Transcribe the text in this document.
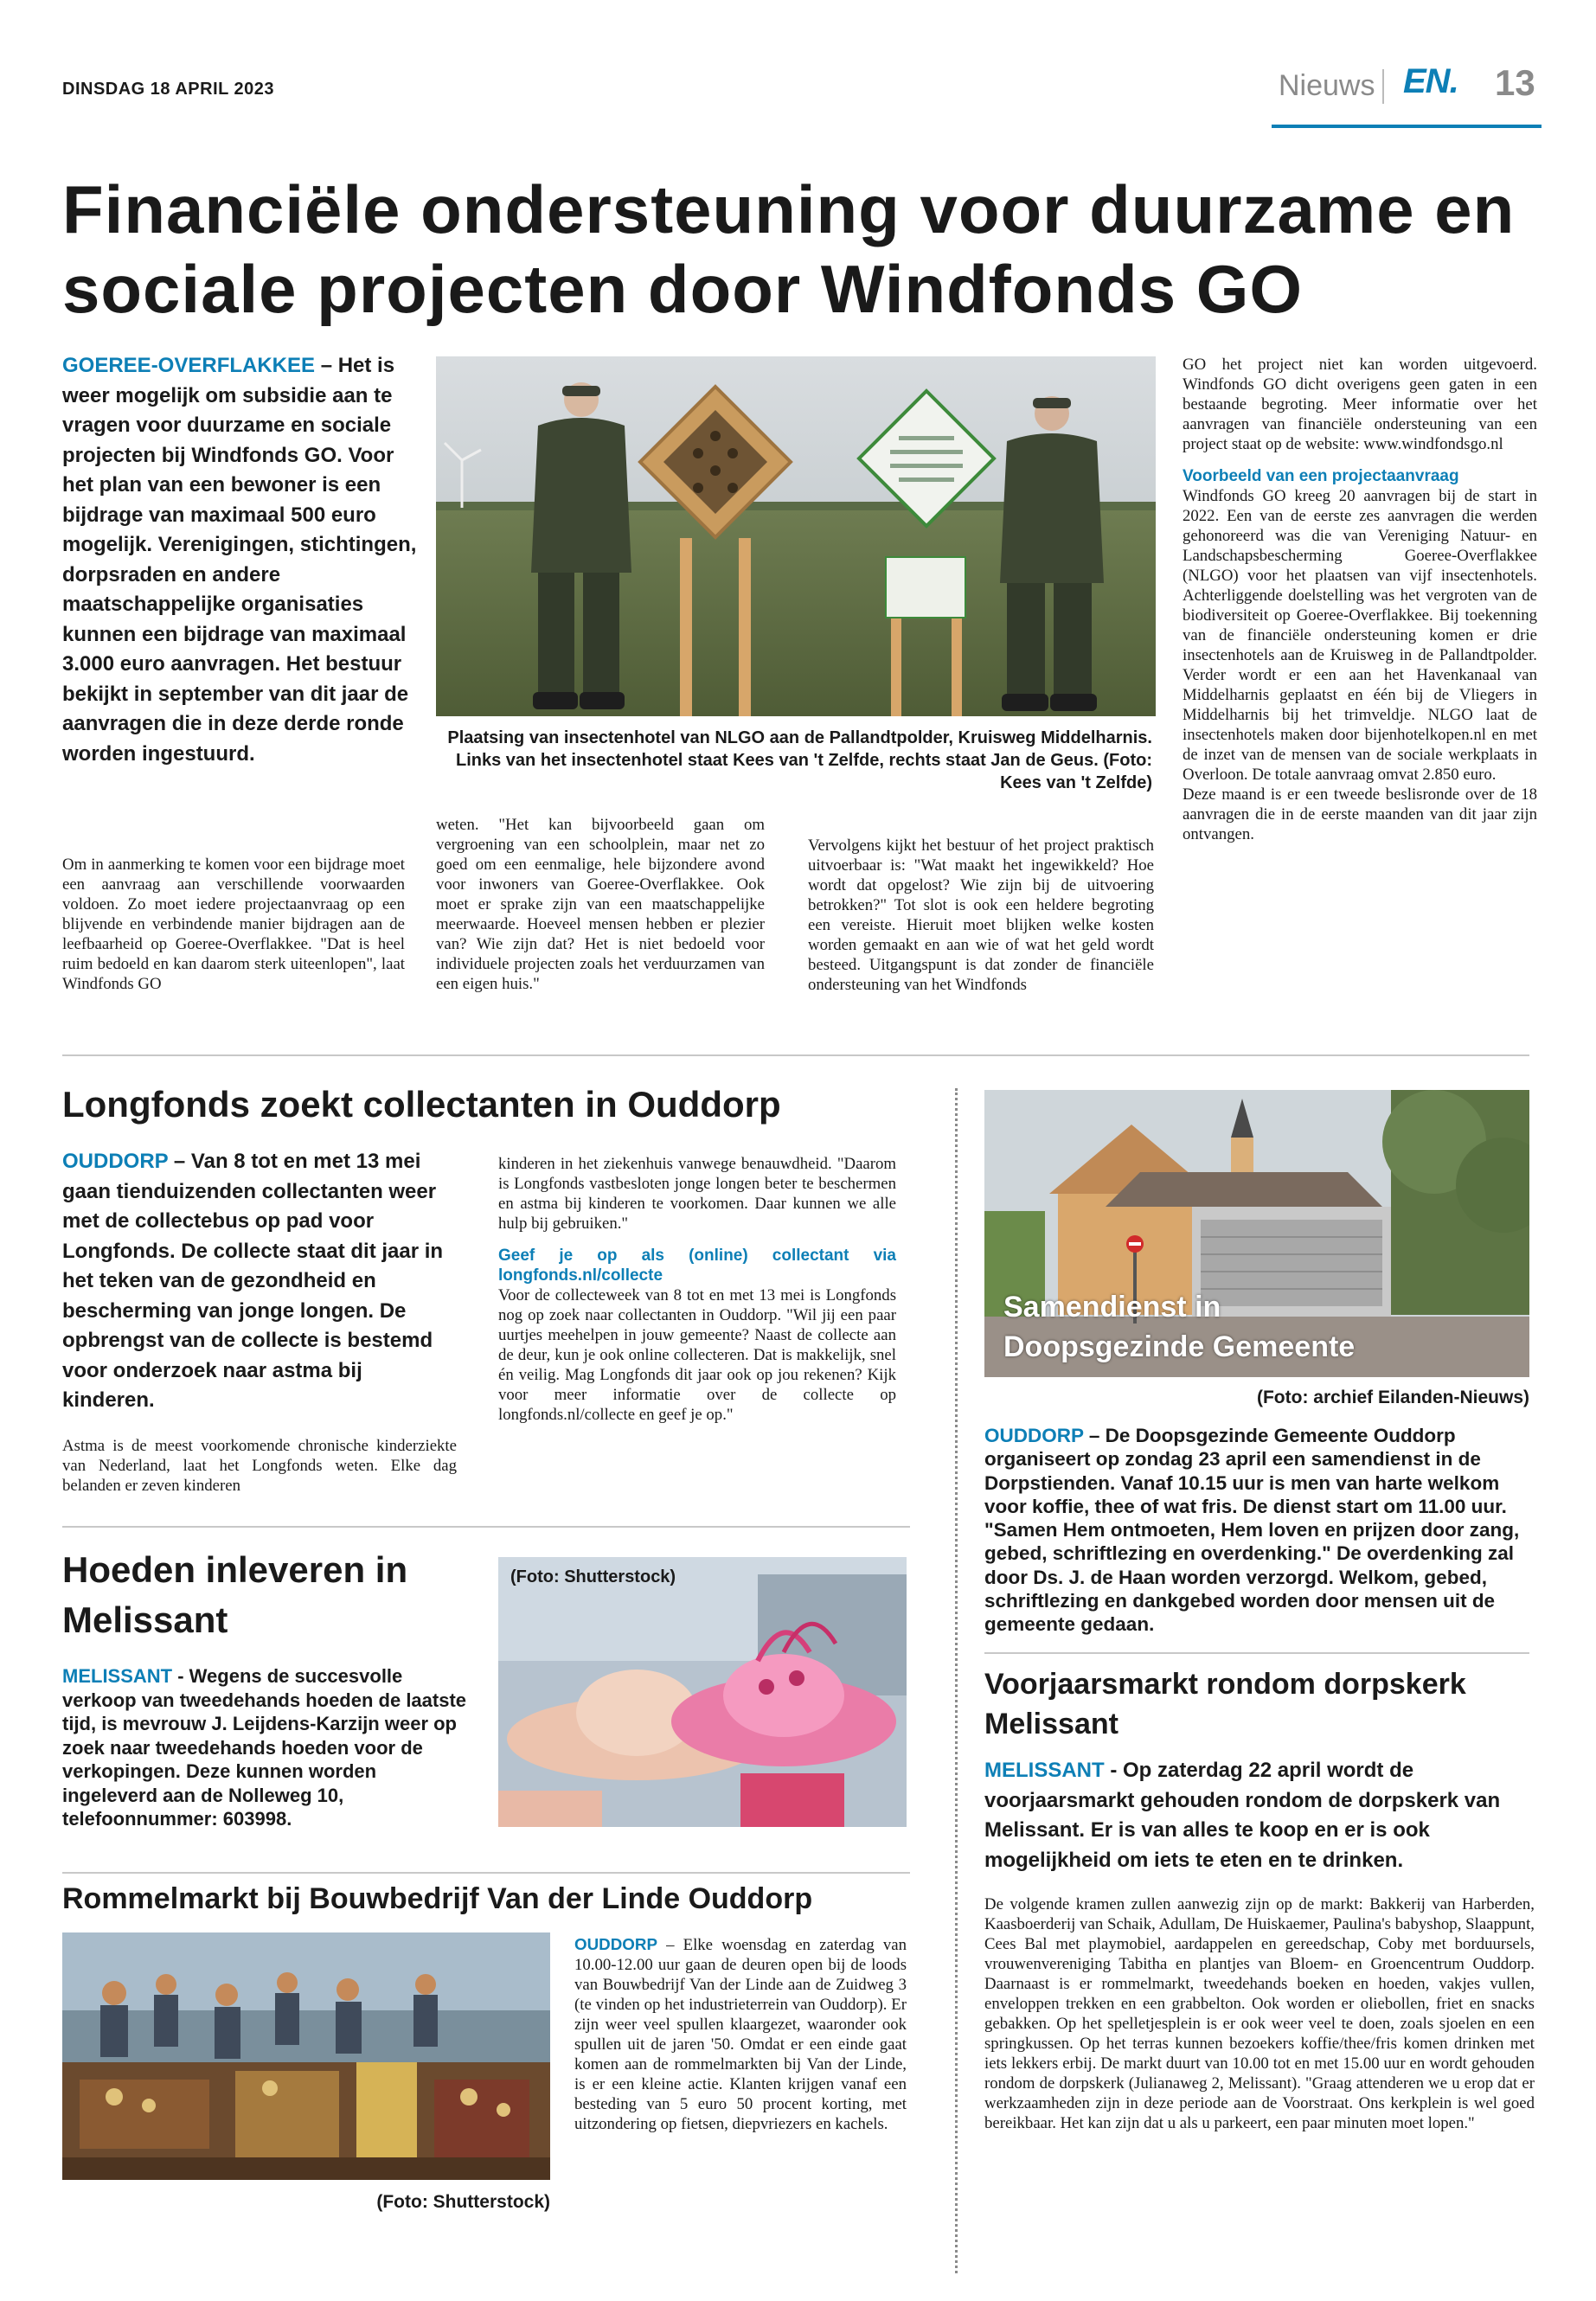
DINSDAG 18 APRIL 2023	Nieuws EN. 13
Financiële ondersteuning voor duurzame en sociale projecten door Windfonds GO
GOEREE-OVERFLAKKEE – Het is weer mogelijk om subsidie aan te vragen voor duurzame en sociale projecten bij Windfonds GO. Voor het plan van een bewoner is een bijdrage van maximaal 500 euro mogelijk. Verenigingen, stichtingen, dorpsraden en andere maatschappelijke organisaties kunnen een bijdrage van maximaal 3.000 euro aanvragen. Het bestuur bekijkt in september van dit jaar de aanvragen die in deze derde ronde worden ingestuurd.
Om in aanmerking te komen voor een bijdrage moet een aanvraag aan verschillende voorwaarden voldoen. Zo moet iedere projectaanvraag op een blijvende en verbindende manier bijdragen aan de leefbaarheid op Goeree-Overflakkee. "Dat is heel ruim bedoeld en kan daarom sterk uiteenlopen", laat Windfonds GO
Plaatsing van insectenhotel van NLGO aan de Pallandtpolder, Kruisweg Middelharnis. Links van het insectenhotel staat Kees van 't Zelfde, rechts staat Jan de Geus. (Foto: Kees van 't Zelfde)
weten. "Het kan bijvoorbeeld gaan om vergroening van een schoolplein, maar net zo goed om een eenmalige, hele bijzondere avond voor inwoners van Goeree-Overflakkee. Ook moet er sprake zijn van een maatschappelijke meerwaarde. Hoeveel mensen hebben er plezier van? Wie zijn dat? Het is niet bedoeld voor individuele projecten zoals het verduurzamen van een eigen huis."
Vervolgens kijkt het bestuur of het project praktisch uitvoerbaar is: "Wat maakt het ingewikkeld? Hoe wordt dat opgelost? Wie zijn bij de uitvoering betrokken?" Tot slot is ook een heldere begroting een vereiste. Hieruit moet blijken welke kosten worden gemaakt en aan wie of wat het geld wordt besteed. Uitgangspunt is dat zonder de financiële ondersteuning van het Windfonds

GO het project niet kan worden uitgevoerd. Windfonds GO dicht overigens geen gaten in een bestaande begroting. Meer informatie over het aanvragen van financiële ondersteuning van een project staat op de website: www.windfondsgo.nl

Voorbeeld van een projectaanvraag

Windfonds GO kreeg 20 aanvragen bij de start in 2022. Een van de eerste zes aanvragen die werden gehonoreerd was die van Vereniging Natuur- en Landschapsbescherming Goeree-Overflakkee (NLGO) voor het plaatsen van vijf insectenhotels. Achterliggende doelstelling was het vergroten van de biodiversiteit op Goeree-Overflakkee. Bij toekenning van de financiële ondersteuning komen er drie insectenhotels aan de Kruisweg in de Pallandtpolder. Verder wordt er een aan het Havenkanaal van Middelharnis geplaatst en één bij de Vliegers in Middelharnis bij het trimveldje. NLGO laat de insectenhotels maken door bijenhotelkopen.nl en met de inzet van de mensen van de sociale werkplaats in Overloon. De totale aanvraag omvat 2.850 euro.

Deze maand is er een tweede beslisronde over de 18 aanvragen die in de eerste maanden van dit jaar zijn ontvangen.

Longfonds zoekt collectanten in Ouddorp
OUDDORP – Van 8 tot en met 13 mei gaan tienduizenden collectanten weer met de collectebus op pad voor Longfonds. De collecte staat dit jaar in het teken van de gezondheid en bescherming van jonge longen. De opbrengst van de collecte is bestemd voor onderzoek naar astma bij kinderen.
Astma is de meest voorkomende chronische kinderziekte van Nederland, laat het Longfonds weten. Elke dag belanden er zeven kinderen

kinderen in het ziekenhuis vanwege benauwdheid. "Daarom is Longfonds vastbesloten jonge longen beter te beschermen en astma bij kinderen te voorkomen. Daar kunnen we alle hulp bij gebruiken."

Geef je op als (online) collectant via longfonds.nl/collecte

Voor de collecteweek van 8 tot en met 13 mei is Longfonds nog op zoek naar collectanten in Ouddorp. "Wil jij een paar uurtjes meehelpen in jouw gemeente? Naast de collecte aan de deur, kun je ook online collecteren. Dat is makkelijk, snel én veilig. Mag Longfonds dit jaar ook op jou rekenen? Kijk voor meer informatie over de collecte op longfonds.nl/collecte en geef je op."

Samendienst in Doopsgezinde Gemeente
(Foto: archief Eilanden-Nieuws)
OUDDORP – De Doopsgezinde Gemeente Ouddorp organiseert op zondag 23 april een samendienst in de Dorpstienden. Vanaf 10.15 uur is men van harte welkom voor koffie, thee of wat fris. De dienst start om 11.00 uur. "Samen Hem ontmoeten, Hem loven en prijzen door zang, gebed, schriftlezing en overdenking." De overdenking zal door Ds. J. de Haan worden verzorgd. Welkom, gebed, schriftlezing en dankgebed worden door mensen uit de gemeente gedaan.
Hoeden inleveren in Melissant
MELISSANT - Wegens de succesvolle verkoop van tweedehands hoeden de laatste tijd, is mevrouw J. Leijdens-Karzijn weer op zoek naar tweedehands hoeden voor de verkopingen. Deze kunnen worden ingeleverd aan de Nolleweg 10, telefoonnummer: 603998.
(Foto: Shutterstock)
Voorjaarsmarkt rondom dorpskerk Melissant
MELISSANT - Op zaterdag 22 april wordt de voorjaarsmarkt gehouden rondom de dorpskerk van Melissant. Er is van alles te koop en er is ook mogelijkheid om iets te eten en te drinken.
De volgende kramen zullen aanwezig zijn op de markt: Bakkerij van Harberden, Kaasboerderij van Schaik, Adullam, De Huiskaemer, Paulina's babyshop, Slaappunt, Cees Bal met playmobiel, aardappelen en gereedschap, Coby met borduursels, vrouwenvereniging Tabitha en plantjes van Bloem- en Groencentrum Ouddorp. Daarnaast is er rommelmarkt, tweedehands boeken en hoeden, vakjes vullen, enveloppen trekken en een grabbelton. Ook worden er oliebollen, friet en snacks gebakken. Op het spelletjesplein is er ook weer veel te doen, zoals sjoelen en een springkussen. Op het terras kunnen bezoekers koffie/thee/fris komen drinken met iets lekkers erbij. De markt duurt van 10.00 tot en met 15.00 uur en wordt gehouden rondom de dorpskerk (Julianaweg 2, Melissant). "Graag attenderen we u erop dat er werkzaamheden zijn in deze periode aan de Voorstraat. Ons kerkplein is wel goed bereikbaar. Het kan zijn dat u als u parkeert, een paar minuten moet lopen."
Rommelmarkt bij Bouwbedrijf Van der Linde Ouddorp
(Foto: Shutterstock)
OUDDORP – Elke woensdag en zaterdag van 10.00-12.00 uur gaan de deuren open bij de loods van Bouwbedrijf Van der Linde aan de Zuidweg 3 (te vinden op het industrieterrein van Ouddorp). Er zijn weer veel spullen klaargezet, waaronder ook spullen uit de jaren '50. Omdat er een einde gaat komen aan de rommelmarkten bij Van der Linde, is er een kleine actie. Klanten krijgen vanaf een besteding van 5 euro 50 procent korting, met uitzondering op fietsen, diepvriezers en kachels.
